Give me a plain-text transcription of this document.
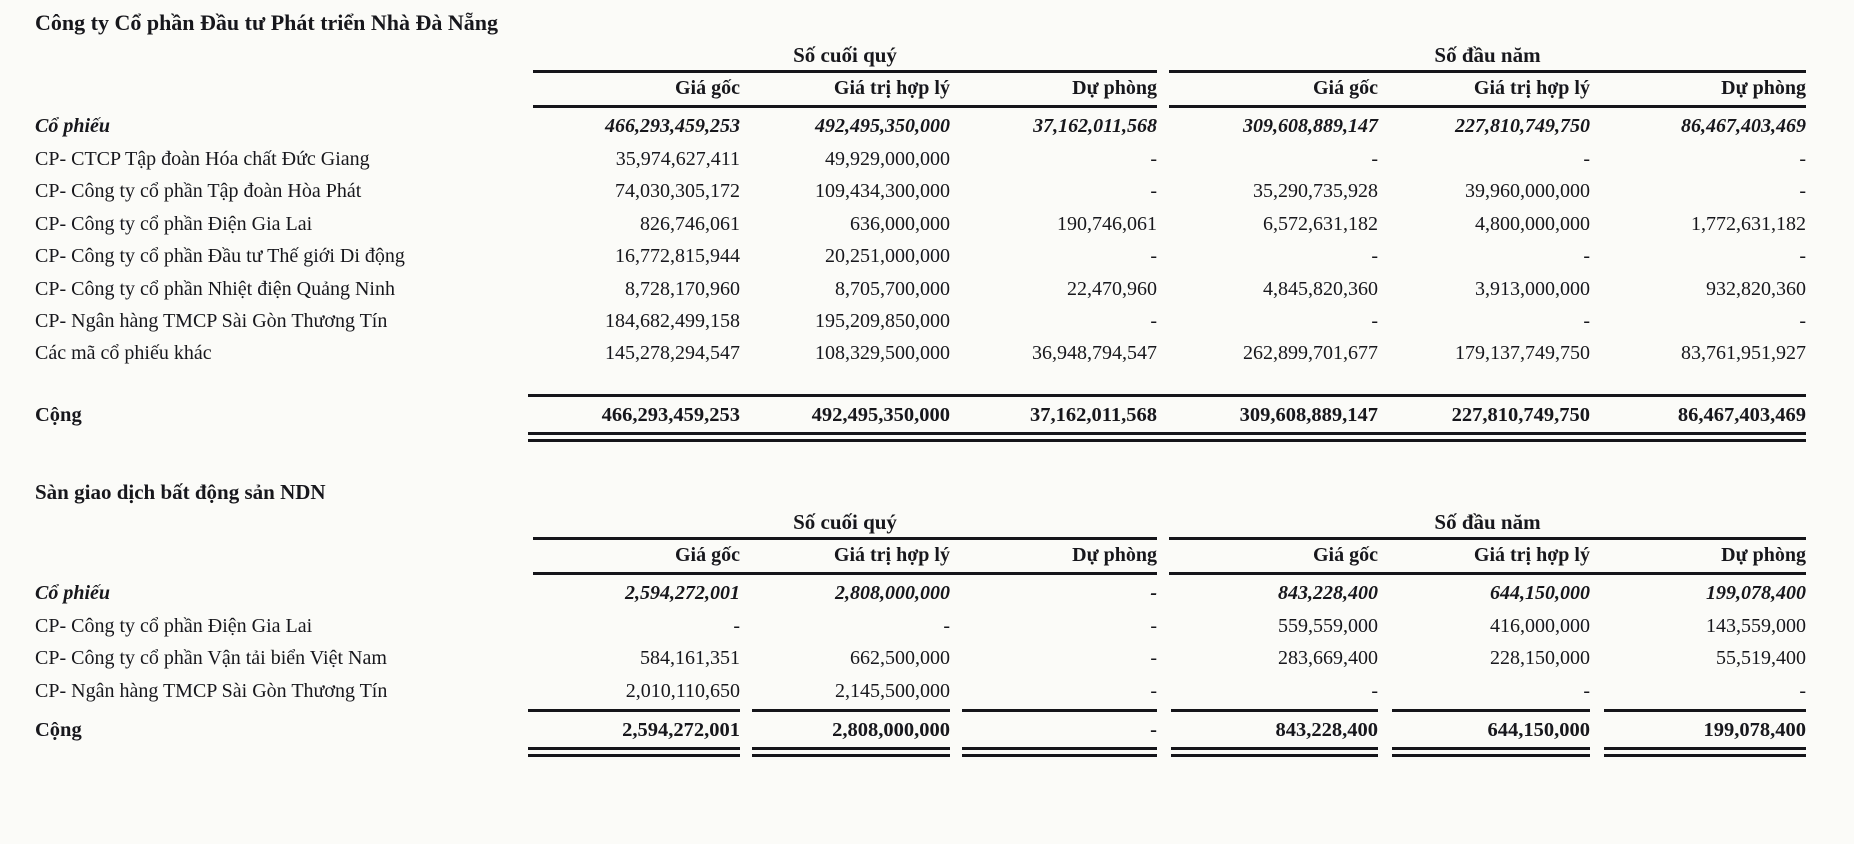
Công ty Cổ phần Đầu tư Phát triển Nhà Đà Nẵng
Số cuối quý	Số đầu năm
Giá gốc	Giá trị hợp lý	Dự phòng	Giá gốc	Giá trị hợp lý	Dự phòng
Cổ phiếu	466,293,459,253	492,495,350,000	37,162,011,568	309,608,889,147	227,810,749,750	86,467,403,469
CP- CTCP Tập đoàn Hóa chất Đức Giang	35,974,627,411	49,929,000,000	-	-	-	-
CP- Công ty cổ phần Tập đoàn Hòa Phát	74,030,305,172	109,434,300,000	-	35,290,735,928	39,960,000,000	-
CP- Công ty cổ phần Điện Gia Lai	826,746,061	636,000,000	190,746,061	6,572,631,182	4,800,000,000	1,772,631,182
CP- Công ty cổ phần Đầu tư Thế giới Di động	16,772,815,944	20,251,000,000	-	-	-	-
CP- Công ty cổ phần Nhiệt điện Quảng Ninh	8,728,170,960	8,705,700,000	22,470,960	4,845,820,360	3,913,000,000	932,820,360
CP- Ngân hàng TMCP Sài Gòn Thương Tín	184,682,499,158	195,209,850,000	-	-	-	-
Các mã cổ phiếu khác	145,278,294,547	108,329,500,000	36,948,794,547	262,899,701,677	179,137,749,750	83,761,951,927
Cộng	466,293,459,253	492,495,350,000	37,162,011,568	309,608,889,147	227,810,749,750	86,467,403,469
Sàn giao dịch bất động sản NDN
Số cuối quý	Số đầu năm
Giá gốc	Giá trị hợp lý	Dự phòng	Giá gốc	Giá trị hợp lý	Dự phòng
Cổ phiếu	2,594,272,001	2,808,000,000	-	843,228,400	644,150,000	199,078,400
CP- Công ty cổ phần Điện Gia Lai	-	-	-	559,559,000	416,000,000	143,559,000
CP- Công ty cổ phần Vận tải biển Việt Nam	584,161,351	662,500,000	-	283,669,400	228,150,000	55,519,400
CP- Ngân hàng TMCP Sài Gòn Thương Tín	2,010,110,650	2,145,500,000	-	-	-	-
Cộng	2,594,272,001	2,808,000,000	-	843,228,400	644,150,000	199,078,400
